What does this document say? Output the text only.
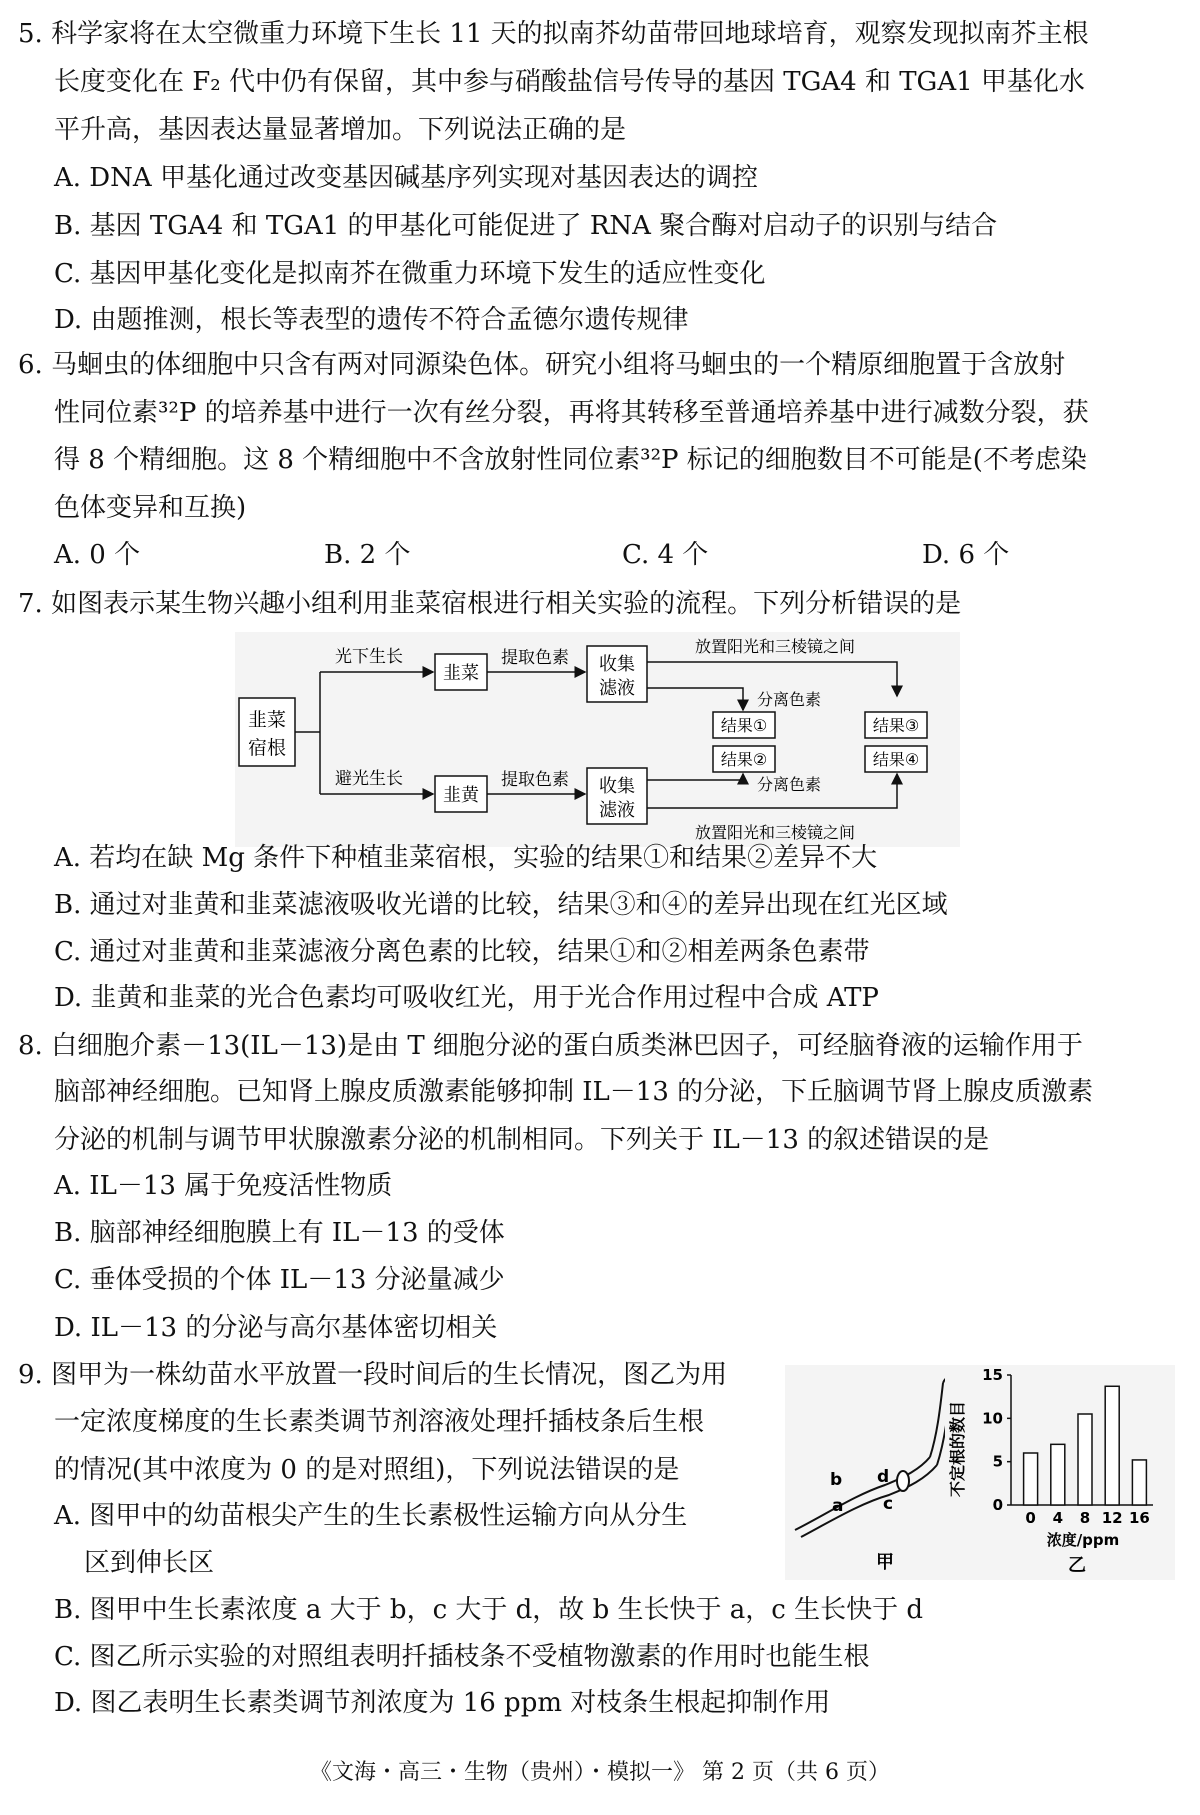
5. 科学家将在太空微重力环境下生长 11 天的拟南芥幼苗带回地球培育，观察发现拟南芥主根
长度变化在 F₂ 代中仍有保留，其中参与硝酸盐信号传导的基因 TGA4 和 TGA1 甲基化水
平升高，基因表达量显著增加。下列说法正确的是
A. DNA 甲基化通过改变基因碱基序列实现对基因表达的调控
B. 基因 TGA4 和 TGA1 的甲基化可能促进了 RNA 聚合酶对启动子的识别与结合
C. 基因甲基化变化是拟南芥在微重力环境下发生的适应性变化
D. 由题推测，根长等表型的遗传不符合孟德尔遗传规律
6. 马蛔虫的体细胞中只含有两对同源染色体。研究小组将马蛔虫的一个精原细胞置于含放射
性同位素³²P 的培养基中进行一次有丝分裂，再将其转移至普通培养基中进行减数分裂，获
得 8 个精细胞。这 8 个精细胞中不含放射性同位素³²P 标记的细胞数目不可能是(不考虑染
色体变异和互换)
A. 0 个	B. 2 个	C. 4 个	D. 6 个
7. 如图表示某生物兴趣小组利用韭菜宿根进行相关实验的流程。下列分析错误的是
韭菜
宿根
光下生长
避光生长
韭菜
韭黄
提取色素
提取色素
收集
滤液
收集
滤液
放置阳光和三棱镜之间
分离色素
结果①
结果②
结果③
结果④
分离色素
放置阳光和三棱镜之间
A. 若均在缺 Mg 条件下种植韭菜宿根，实验的结果①和结果②差异不大
B. 通过对韭黄和韭菜滤液吸收光谱的比较，结果③和④的差异出现在红光区域
C. 通过对韭黄和韭菜滤液分离色素的比较，结果①和②相差两条色素带
D. 韭黄和韭菜的光合色素均可吸收红光，用于光合作用过程中合成 ATP
8. 白细胞介素－13(IL－13)是由 T 细胞分泌的蛋白质类淋巴因子，可经脑脊液的运输作用于
脑部神经细胞。已知肾上腺皮质激素能够抑制 IL－13 的分泌，下丘脑调节肾上腺皮质激素
分泌的机制与调节甲状腺激素分泌的机制相同。下列关于 IL－13 的叙述错误的是
A. IL－13 属于免疫活性物质
B. 脑部神经细胞膜上有 IL－13 的受体
C. 垂体受损的个体 IL－13 分泌量减少
D. IL－13 的分泌与高尔基体密切相关
9. 图甲为一株幼苗水平放置一段时间后的生长情况，图乙为用
一定浓度梯度的生长素类调节剂溶液处理扦插枝条后生根
的情况(其中浓度为 0 的是对照组)，下列说法错误的是
A. 图甲中的幼苗根尖产生的生长素极性运输方向从分生
区到伸长区
a
b
c
d
甲
不定根的数目
0
5
10
15
0 4 8 12 16
浓度/ppm
乙
B. 图甲中生长素浓度 a 大于 b，c 大于 d，故 b 生长快于 a，c 生长快于 d
C. 图乙所示实验的对照组表明扦插枝条不受植物激素的作用时也能生根
D. 图乙表明生长素类调节剂浓度为 16 ppm 对枝条生根起抑制作用
《文海・高三・生物（贵州）・模拟一》 第 2 页（共 6 页）
